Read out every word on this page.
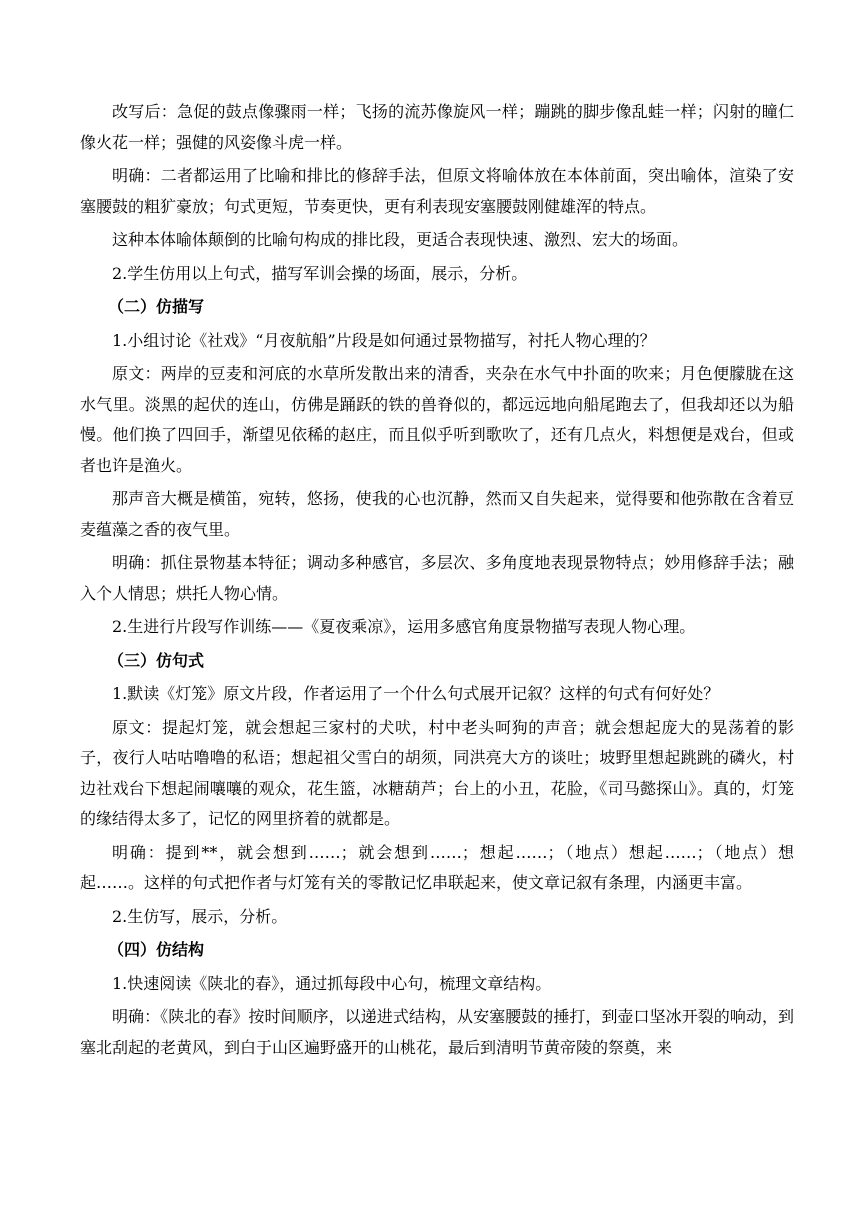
改写后：急促的鼓点像骤雨一样；飞扬的流苏像旋风一样；蹦跳的脚步像乱蛙一样；闪射的瞳仁像火花一样；强健的风姿像斗虎一样。

明确：二者都运用了比喻和排比的修辞手法，但原文将喻体放在本体前面，突出喻体，渲染了安塞腰鼓的粗犷豪放；句式更短，节奏更快，更有利表现安塞腰鼓刚健雄浑的特点。

这种本体喻体颠倒的比喻句构成的排比段，更适合表现快速、激烈、宏大的场面。

2.学生仿用以上句式，描写军训会操的场面，展示，分析。

（二）仿描写

1.小组讨论《社戏》“月夜航船”片段是如何通过景物描写，衬托人物心理的？

原文：两岸的豆麦和河底的水草所发散出来的清香，夹杂在水气中扑面的吹来；月色便朦胧在这水气里。淡黑的起伏的连山，仿佛是踊跃的铁的兽脊似的，都远远地向船尾跑去了，但我却还以为船慢。他们换了四回手，渐望见依稀的赵庄，而且似乎听到歌吹了，还有几点火，料想便是戏台，但或者也许是渔火。

那声音大概是横笛，宛转，悠扬，使我的心也沉静，然而又自失起来，觉得要和他弥散在含着豆麦蕴藻之香的夜气里。

明确：抓住景物基本特征；调动多种感官，多层次、多角度地表现景物特点；妙用修辞手法；融入个人情思；烘托人物心情。

2.生进行片段写作训练——《夏夜乘凉》，运用多感官角度景物描写表现人物心理。

（三）仿句式

1.默读《灯笼》原文片段，作者运用了一个什么句式展开记叙？这样的句式有何好处？

原文：提起灯笼，就会想起三家村的犬吠，村中老头呵狗的声音；就会想起庞大的晃荡着的影子，夜行人咕咕噜噜的私语；想起祖父雪白的胡须，同洪亮大方的谈吐；坡野里想起跳跳的磷火，村边社戏台下想起闹嚷嚷的观众，花生篮，冰糖葫芦；台上的小丑，花脸，《司马懿探山》。真的，灯笼的缘结得太多了，记忆的网里挤着的就都是。

明确：提到**，就会想到……；就会想到……；想起……；（地点）想起……；（地点）想起……。这样的句式把作者与灯笼有关的零散记忆串联起来，使文章记叙有条理，内涵更丰富。

2.生仿写，展示，分析。

（四）仿结构

1.快速阅读《陕北的春》，通过抓每段中心句，梳理文章结构。

明确：《陕北的春》按时间顺序，以递进式结构，从安塞腰鼓的捶打，到壶口坚冰开裂的响动，到塞北刮起的老黄风，到白于山区遍野盛开的山桃花，最后到清明节黄帝陵的祭奠，来
